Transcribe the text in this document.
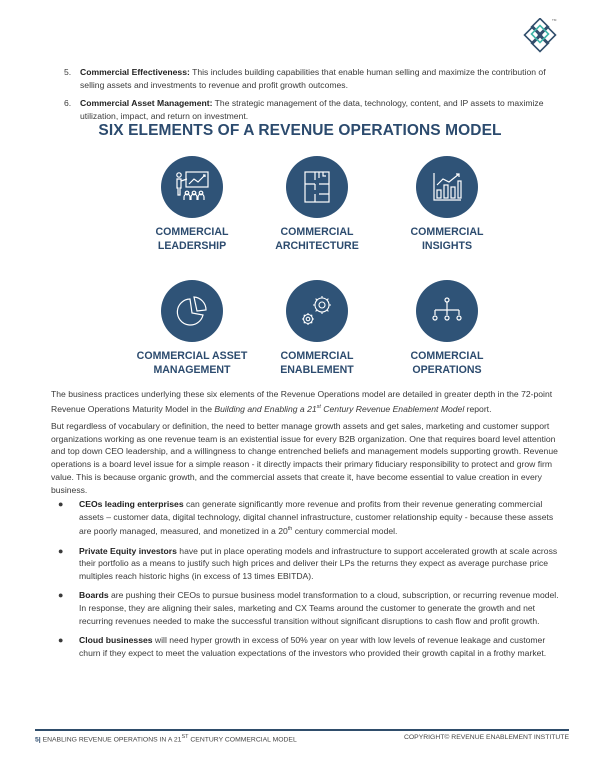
TM
5.	Commercial Effectiveness: This includes building capabilities that enable human selling and maximize the contribution of selling assets and investments to revenue and profit growth outcomes.
6.	Commercial Asset Management: The strategic management of the data, technology, content, and IP assets to maximize utilization, impact, and return on investment.
SIX ELEMENTS OF A REVENUE OPERATIONS MODEL
COMMERCIAL
LEADERSHIP
COMMERCIAL
ARCHITECTURE
COMMERCIAL
INSIGHTS
COMMERCIAL ASSET
MANAGEMENT
COMMERCIAL
ENABLEMENT
COMMERCIAL
OPERATIONS

The business practices underlying these six elements of the Revenue Operations model are detailed in greater depth in the 72-point Revenue Operations Maturity Model in the Building and Enabling a 21st Century Revenue Enablement Model report.

But regardless of vocabulary or definition, the need to better manage growth assets and get sales, marketing and customer support organizations working as one revenue team is an existential issue for every B2B organization. One that requires board level attention and top down CEO leadership, and a willingness to change entrenched beliefs and management models supporting growth. Revenue operations is a board level issue for a simple reason - it directly impacts their primary fiduciary responsibility to protect and grow firm value. This is because organic growth, and the commercial assets that create it, have become essential to value creation in every business.

●	CEOs leading enterprises can generate significantly more revenue and profits from their revenue generating commercial assets – customer data, digital technology, digital channel infrastructure, customer relationship equity - because these assets are poorly managed, measured, and monetized in a 20th century commercial model.
●	Private Equity investors have put in place operating models and infrastructure to support accelerated growth at scale across their portfolio as a means to justify such high prices and deliver their LPs the returns they expect as average purchase price multiples reach historic highs (in excess of 13 times EBITDA).
●	Boards are pushing their CEOs to pursue business model transformation to a cloud, subscription, or recurring revenue model. In response, they are aligning their sales, marketing and CX Teams around the customer to generate the growth and net recurring revenues needed to make the successful transition without significant disruptions to cash flow and profit growth.
●	Cloud businesses will need hyper growth in excess of 50% year on year with low levels of revenue leakage and customer churn if they expect to meet the valuation expectations of the investors who provided their growth capital in a frothy market.
5| ENABLING REVENUE OPERATIONS IN A 21ST CENTURY COMMERCIAL MODEL	COPYRIGHT© REVENUE ENABLEMENT INSTITUTE
